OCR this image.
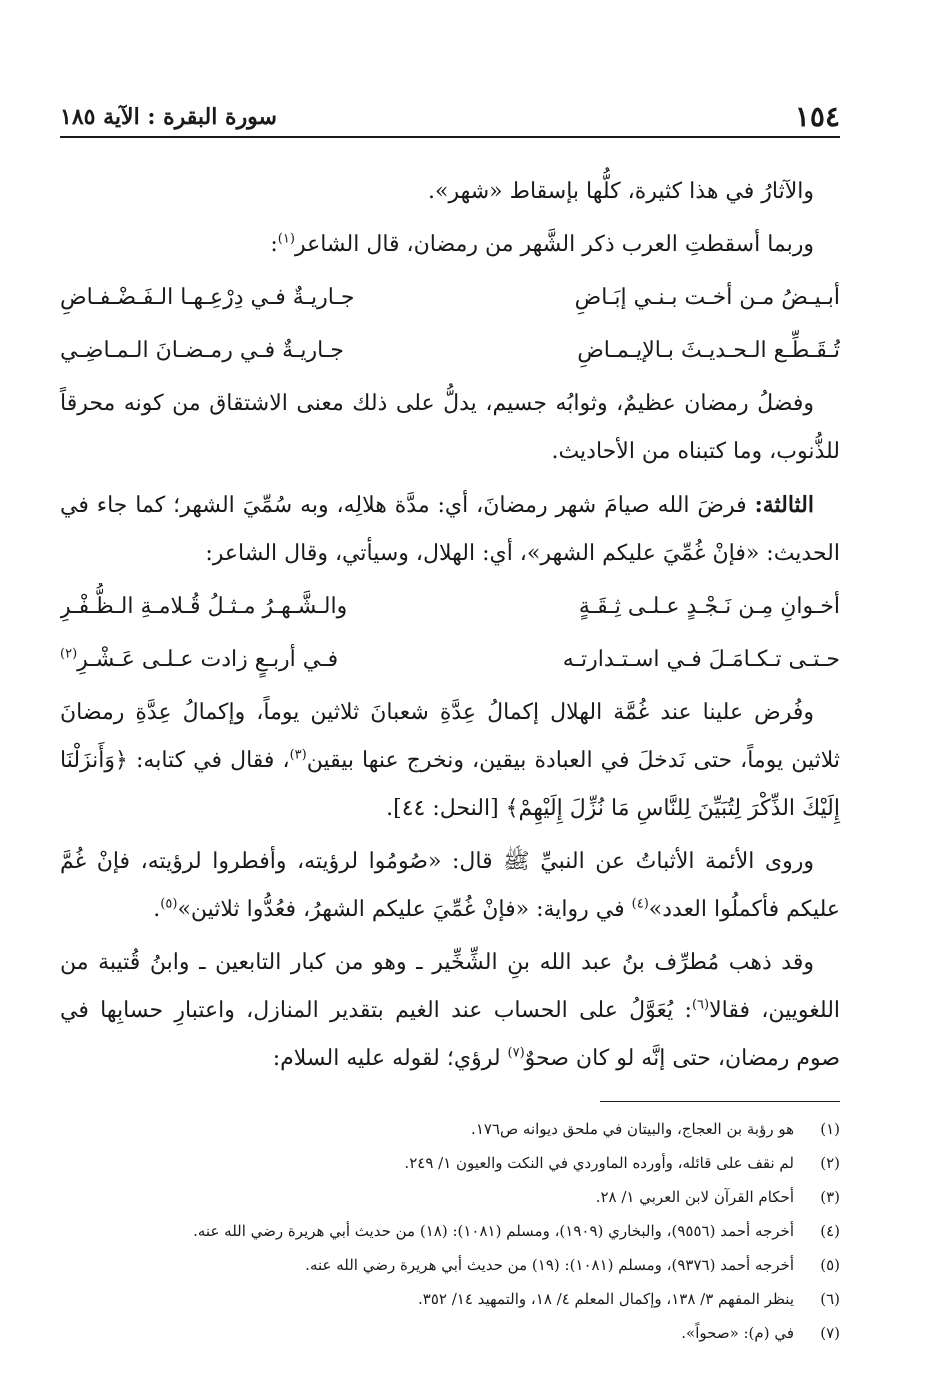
١٥٤
سورة البقرة : الآية ١٨٥

والآثارُ في هذا كثيرة، كلُّها بإسقاط «شهر».

وربما أسقطتِ العرب ذكر الشَّهر من رمضان، قال الشاعر$^{(١)}$:

أبـيـضُ مـن أخـت بـنـي إبَـاضِ
جـاريـةٌ فـي دِرْعِـهـا الـفَـضْـفـاضِ
تُـقَـطِّـع الـحـديـثَ بـالإيـمـاضِ
جـاريـةٌ فـي رمـضـانَ الـمـاضِـي

وفضلُ رمضان عظيمٌ، وثوابُه جسيم، يدلُّ على ذلك معنى الاشتقاق من كونه محرقاً للذُّنوب، وما كتبناه من الأحاديث.

الثالثة: فرضَ الله صيامَ شهر رمضانَ، أي: مدَّة هلالِه، وبه سُمِّيَ الشهر؛ كما جاء في الحديث: «فإنْ غُمِّيَ عليكم الشهر»، أي: الهلال، وسيأتي، وقال الشاعر:

أخـوانِ مِـن نَـجْـدٍ عـلـى ثِـقَـةٍ
والـشَّـهـرُ مـثـلُ قُـلامـةِ الـظُّـفْـرِ
حـتـى تـكـامَـلَ فـي اسـتـدارتـه
فـي أربـعٍ زادت عـلـى عَـشْـرِ$^{(٢)}$

وفُرض علينا عند غُمَّة الهلال إكمالُ عِدَّةِ شعبانَ ثلاثين يوماً، وإكمالُ عِدَّةِ رمضانَ ثلاثين يوماً، حتى نَدخلَ في العبادة بيقين، ونخرج عنها بيقين$^{(٣)}$، فقال في كتابه: ﴿وَأَنزَلْنَا إِلَيْكَ الذِّكْرَ لِتُبَيِّنَ لِلنَّاسِ مَا نُزِّلَ إِلَيْهِمْ﴾ [النحل: ٤٤].

وروى الأئمة الأثباتُ عن النبيِّ ﷺ قال: «صُومُوا لرؤيته، وأفطروا لرؤيته، فإنْ غُمَّ عليكم فأكملُوا العدد»$^{(٤)}$ في رواية: «فإنْ غُمِّيَ عليكم الشهرُ، فعُدُّوا ثلاثين»$^{(٥)}$.

وقد ذهب مُطرِّف بنُ عبد الله بنِ الشِّخِّير ـ وهو من كبار التابعين ـ وابنُ قُتيبة من اللغويين، فقالا$^{(٦)}$: يُعَوَّلُ على الحساب عند الغيم بتقدير المنازل، واعتبارِ حسابِها في صوم رمضان، حتى إنَّه لو كان صحوٌ$^{(٧)}$ لرؤي؛ لقوله عليه السلام:

(١)
هو رؤبة بن العجاج، والبيتان في ملحق ديوانه ص١٧٦.
(٢)
لم نقف على قائله، وأورده الماوردي في النكت والعيون ١/ ٢٤٩.
(٣)
أحكام القرآن لابن العربي ١/ ٢٨.
(٤)
أخرجه أحمد (٩٥٥٦)، والبخاري (١٩٠٩)، ومسلم (١٠٨١): (١٨) من حديث أبي هريرة رضي الله عنه.
(٥)
أخرجه أحمد (٩٣٧٦)، ومسلم (١٠٨١): (١٩) من حديث أبي هريرة رضي الله عنه.
(٦)
ينظر المفهم ٣/ ١٣٨، وإكمال المعلم ٤/ ١٨، والتمهيد ١٤/ ٣٥٢.
(٧)
في (م): «صحواً».
